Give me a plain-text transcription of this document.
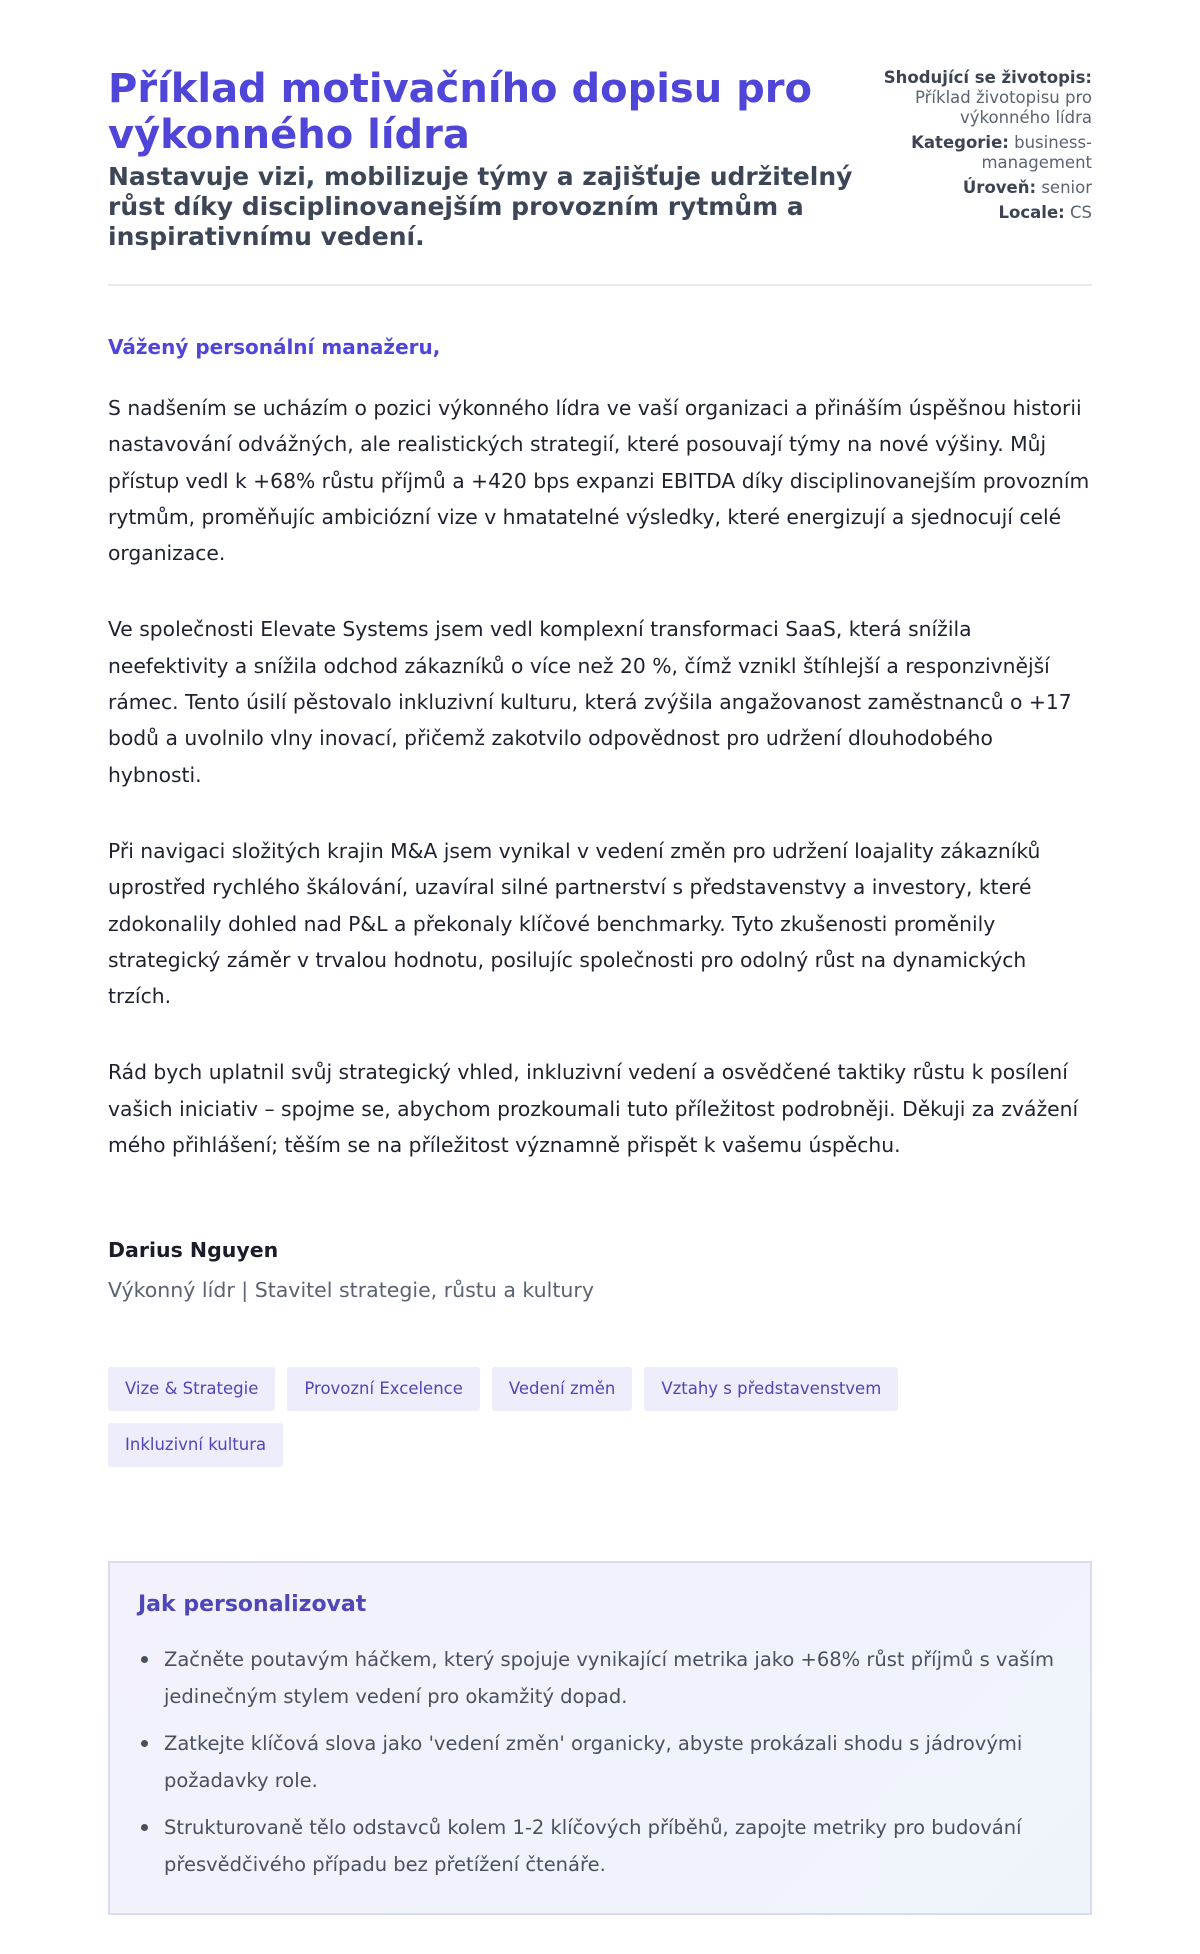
Příklad motivačního dopisu pro výkonného lídra
Nastavuje vizi, mobilizuje týmy a zajišťuje udržitelný růst díky disciplinovanejším provozním rytmům a inspirativnímu vedení.
Shodující se životopis:
Příklad životopisu pro výkonného lídra
Kategorie: business-management
Úroveň: senior
Locale: CS

Vážený personální manažeru,

S nadšením se ucházím o pozici výkonného lídra ve vaší organizaci a přináším úspěšnou historii nastavování odvážných, ale realistických strategií, které posouvají týmy na nové výšiny. Můj přístup vedl k +68% růstu příjmů a +420 bps expanzi EBITDA díky disciplinovanejším provozním rytmům, proměňujíc ambiciózní vize v hmatatelné výsledky, které energizují a sjednocují celé organizace.

Ve společnosti Elevate Systems jsem vedl komplexní transformaci SaaS, která snížila neefektivity a snížila odchod zákazníků o více než 20 %, čímž vznikl štíhlejší a responzivnější rámec. Tento úsilí pěstovalo inkluzivní kulturu, která zvýšila angažovanost zaměstnanců o +17 bodů a uvolnilo vlny inovací, přičemž zakotvilo odpovědnost pro udržení dlouhodobého hybnosti.

Při navigaci složitých krajin M&A jsem vynikal v vedení změn pro udržení loajality zákazníků uprostřed rychlého škálování, uzavíral silné partnerství s představenstvy a investory, které zdokonalily dohled nad P&L a překonaly klíčové benchmarky. Tyto zkušenosti proměnily strategický záměr v trvalou hodnotu, posilujíc společnosti pro odolný růst na dynamických trzích.

Rád bych uplatnil svůj strategický vhled, inkluzivní vedení a osvědčené taktiky růstu k posílení vašich iniciativ – spojme se, abychom prozkoumali tuto příležitost podrobněji. Děkuji za zvážení mého přihlášení; těším se na příležitost významně přispět k vašemu úspěchu.

Darius Nguyen

Výkonný lídr | Stavitel strategie, růstu a kultury

Vize & Strategie	Provozní Excelence	Vedení změn	Vztahy s představenstvem
Inkluzivní kultura
Jak personalizovat
Začněte poutavým háčkem, který spojuje vynikající metrika jako +68% růst příjmů s vaším jedinečným stylem vedení pro okamžitý dopad.
Zatkejte klíčová slova jako 'vedení změn' organicky, abyste prokázali shodu s jádrovými požadavky role.
Strukturovaně tělo odstavců kolem 1-2 klíčových příběhů, zapojte metriky pro budování přesvědčivého případu bez přetížení čtenáře.
